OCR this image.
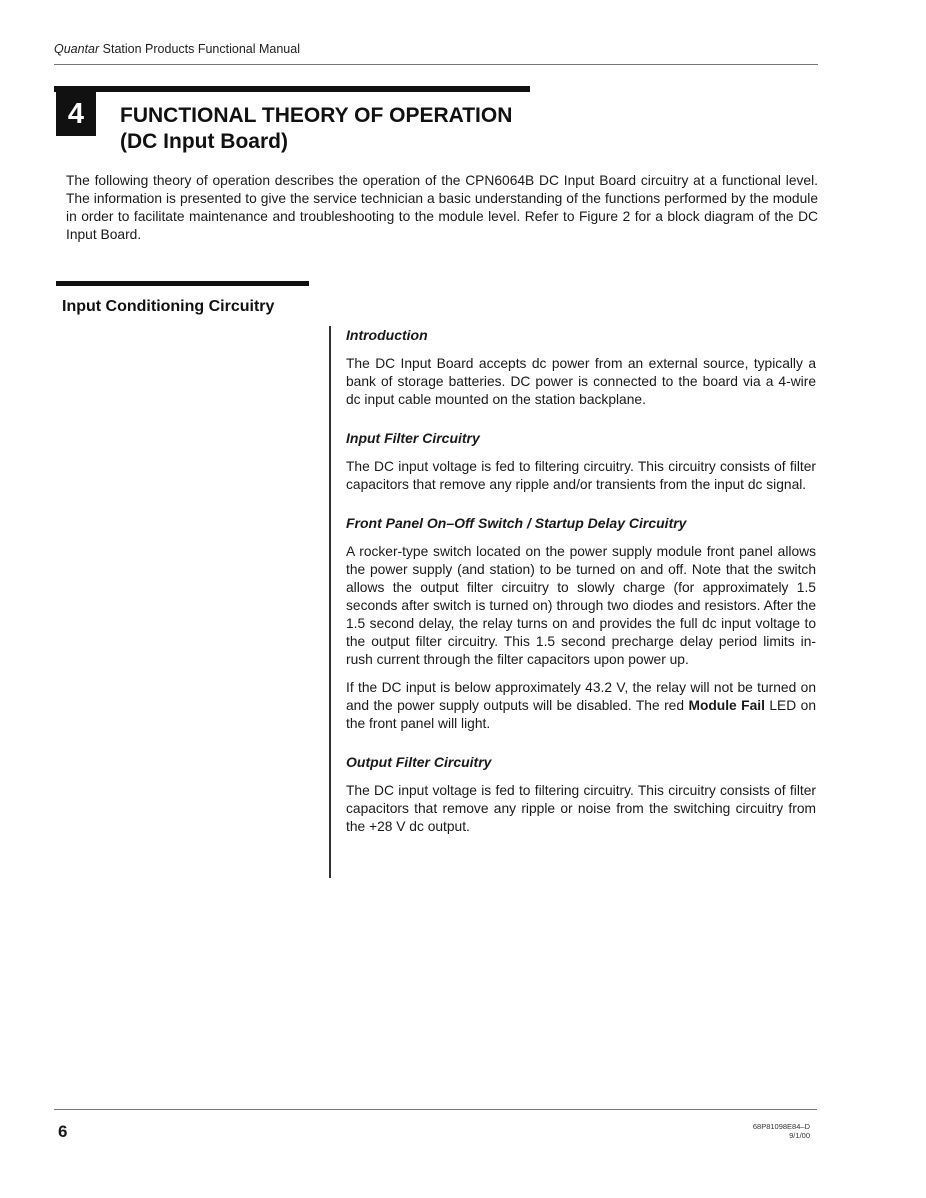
Quantar Station Products Functional Manual
4	FUNCTIONAL THEORY OF OPERATION
(DC Input Board)

The following theory of operation describes the operation of the CPN6064B DC Input Board circuitry at a functional level. The information is presented to give the service technician a basic understanding of the functions performed by the module in order to facilitate maintenance and troubleshooting to the module level. Refer to Figure 2 for a block diagram of the DC Input Board.

Input Conditioning Circuitry
Introduction

The DC Input Board accepts dc power from an external source, typically a bank of storage batteries. DC power is connected to the board via a 4-wire dc input cable mounted on the station backplane.

Input Filter Circuitry

The DC input voltage is fed to filtering circuitry. This circuitry consists of filter capacitors that remove any ripple and/or transients from the input dc signal.

Front Panel On–Off Switch / Startup Delay Circuitry

A rocker-type switch located on the power supply module front panel allows the power supply (and station) to be turned on and off. Note that the switch allows the output filter circuitry to slowly charge (for approximately 1.5 seconds after switch is turned on) through two diodes and resistors. After the 1.5 second delay, the relay turns on and provides the full dc input voltage to the output filter circuitry. This 1.5 second precharge delay period limits in-rush current through the filter capacitors upon power up.

If the DC input is below approximately 43.2 V, the relay will not be turned on and the power supply outputs will be disabled. The red Module Fail LED on the front panel will light.

Output Filter Circuitry

The DC input voltage is fed to filtering circuitry. This circuitry consists of filter capacitors that remove any ripple or noise from the switching circuitry from the +28 V dc output.

6	68P81098E84–D
9/1/00
